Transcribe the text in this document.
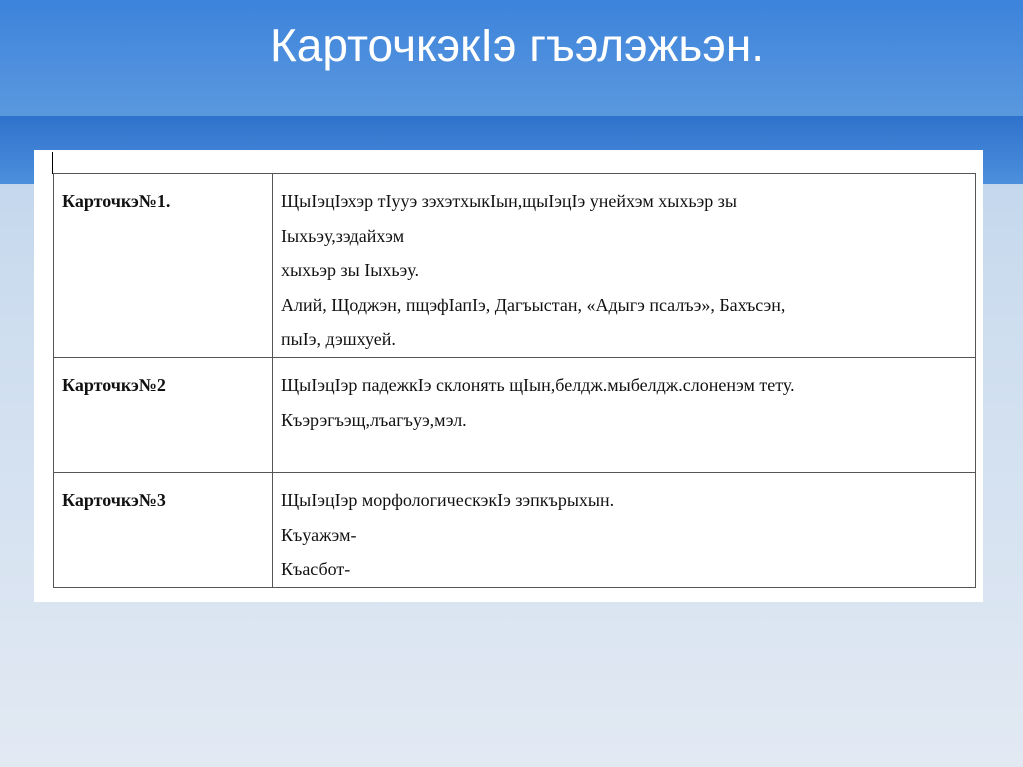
КарточкэкIэ гъэлэжьэн.
Карточкэ№1.	ЩыIэцIэхэр тIууэ зэхэтхыкIын,щыIэцIэ унейхэм хыхьэр зы
Iыхьэу,зэдайхэм
хыхьэр зы Iыхьэу.
Алий, Щоджэн, пщэфIапIэ, Дагъыстан, «Адыгэ псалъэ», Бахъсэн,
пыIэ, дэшхуей.

Карточкэ№2	ЩыIэцIэр падежкIэ склонять щIын,белдж.мыбелдж.слоненэм тету.
Къэрэгъэщ,лъагъуэ,мэл.

Карточкэ№3	ЩыIэцIэр морфологическэкIэ зэпкърыхын.
Къуажэм-
Къасбот-
